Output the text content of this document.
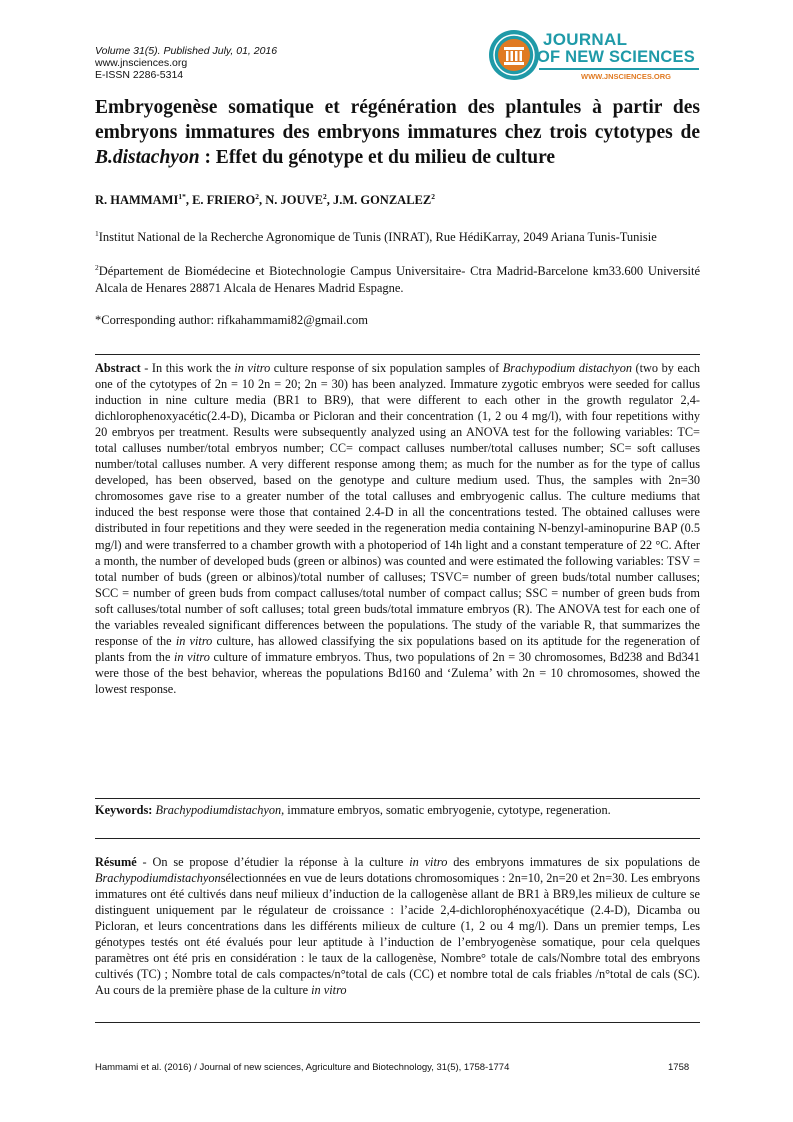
Volume 31(5). Published July, 01, 2016
www.jnsciences.org
E-ISSN 2286-5314
JOURNAL
OF NEW SCIENCES
WWW.JNSCIENCES.ORG
Embryogenèse somatique et régénération des plantules à partir des embryons immatures des embryons immatures chez trois cytotypes de B.distachyon : Effet du génotype et du milieu de culture
R. $HAMMAMI^{1*}$, E. FRIERO$^2$, N. JOUVE$^2$, J.M. GONZALEZ$^2$
$^1$Institut National de la Recherche Agronomique de Tunis (INRAT), Rue HédiKarray, 2049 Ariana Tunis-Tunisie
$^2$Département de Biomédecine et Biotechnologie Campus Universitaire- Ctra Madrid-Barcelone km33.600 Université Alcala de Henares 28871 Alcala de Henares Madrid Espagne.
*Corresponding author: rifkahammami82@gmail.com
Abstract - In this work the in vitro culture response of six population samples of Brachypodium distachyon (two by each one of the cytotypes of 2n = 10 2n = 20; 2n = 30) has been analyzed. Immature zygotic embryos were seeded for callus induction in nine culture media (BR1 to BR9), that were different to each other in the growth regulator 2,4- dichlorophenoxyacétic(2.4-D), Dicamba or Picloran and their concentration (1, 2 ou 4 mg/l), with four repetitions withy 20 embryos per treatment. Results were subsequently analyzed using an ANOVA test for the following variables: TC= total calluses number/total embryos number; CC= compact calluses number/total calluses number; SC= soft calluses number/total calluses number. A very different response among them; as much for the number as for the type of callus developed, has been observed, based on the genotype and culture medium used. Thus, the samples with 2n=30 chromosomes gave rise to a greater number of the total calluses and embryogenic callus. The culture mediums that induced the best response were those that contained 2.4-D in all the concentrations tested. The obtained calluses were distributed in four repetitions and they were seeded in the regeneration media containing N-benzyl-aminopurine BAP (0.5 mg/l) and were transferred to a chamber growth with a photoperiod of 14h light and a constant temperature of 22 °C. After a month, the number of developed buds (green or albinos) was counted and were estimated the following variables: TSV = total number of buds (green or albinos)/total number of calluses; TSVC= number of green buds/total number calluses; SCC = number of green buds from compact calluses/total number of compact callus; SSC = number of green buds from soft calluses/total number of soft calluses; total green buds/total immature embryos (R). The ANOVA test for each one of the variables revealed significant differences between the populations. The study of the variable R, that summarizes the response of the in vitro culture, has allowed classifying the six populations based on its aptitude for the regeneration of plants from the in vitro culture of immature embryos. Thus, two populations of 2n = 30 chromosomes, Bd238 and Bd341 were those of the best behavior, whereas the populations Bd160 and ‘Zulema’ with 2n = 10 chromosomes, showed the lowest response.
Keywords: Brachypodiumdistachyon, immature embryos, somatic embryogenie, cytotype, regeneration.
Résumé - On se propose d’étudier la réponse à la culture in vitro des embryons immatures de six populations de Brachypodiumdistachyonsélectionnées en vue de leurs dotations chromosomiques : 2n=10, 2n=20 et 2n=30. Les embryons immatures ont été cultivés dans neuf milieux d’induction de la callogenèse allant de BR1 à BR9,les milieux de culture se distinguent uniquement par le régulateur de croissance : l’acide 2,4-dichlorophénoxyacétique (2.4-D), Dicamba ou Picloran, et leurs concentrations dans les différents milieux de culture (1, 2 ou 4 mg/l). Dans un premier temps, Les génotypes testés ont été évalués pour leur aptitude à l’induction de l’embryogenèse somatique, pour cela quelques paramètres ont été pris en considération : le taux de la callogenèse, Nombre° totale de cals/Nombre total des embryons cultivés (TC) ; Nombre total de cals compactes/n°total de cals (CC) et nombre total de cals friables /n°total de cals (SC). Au cours de la première phase de la culture in vitro
Hammami et al. (2016) / Journal of new sciences, Agriculture and Biotechnology, 31(5), 1758-1774	1758
